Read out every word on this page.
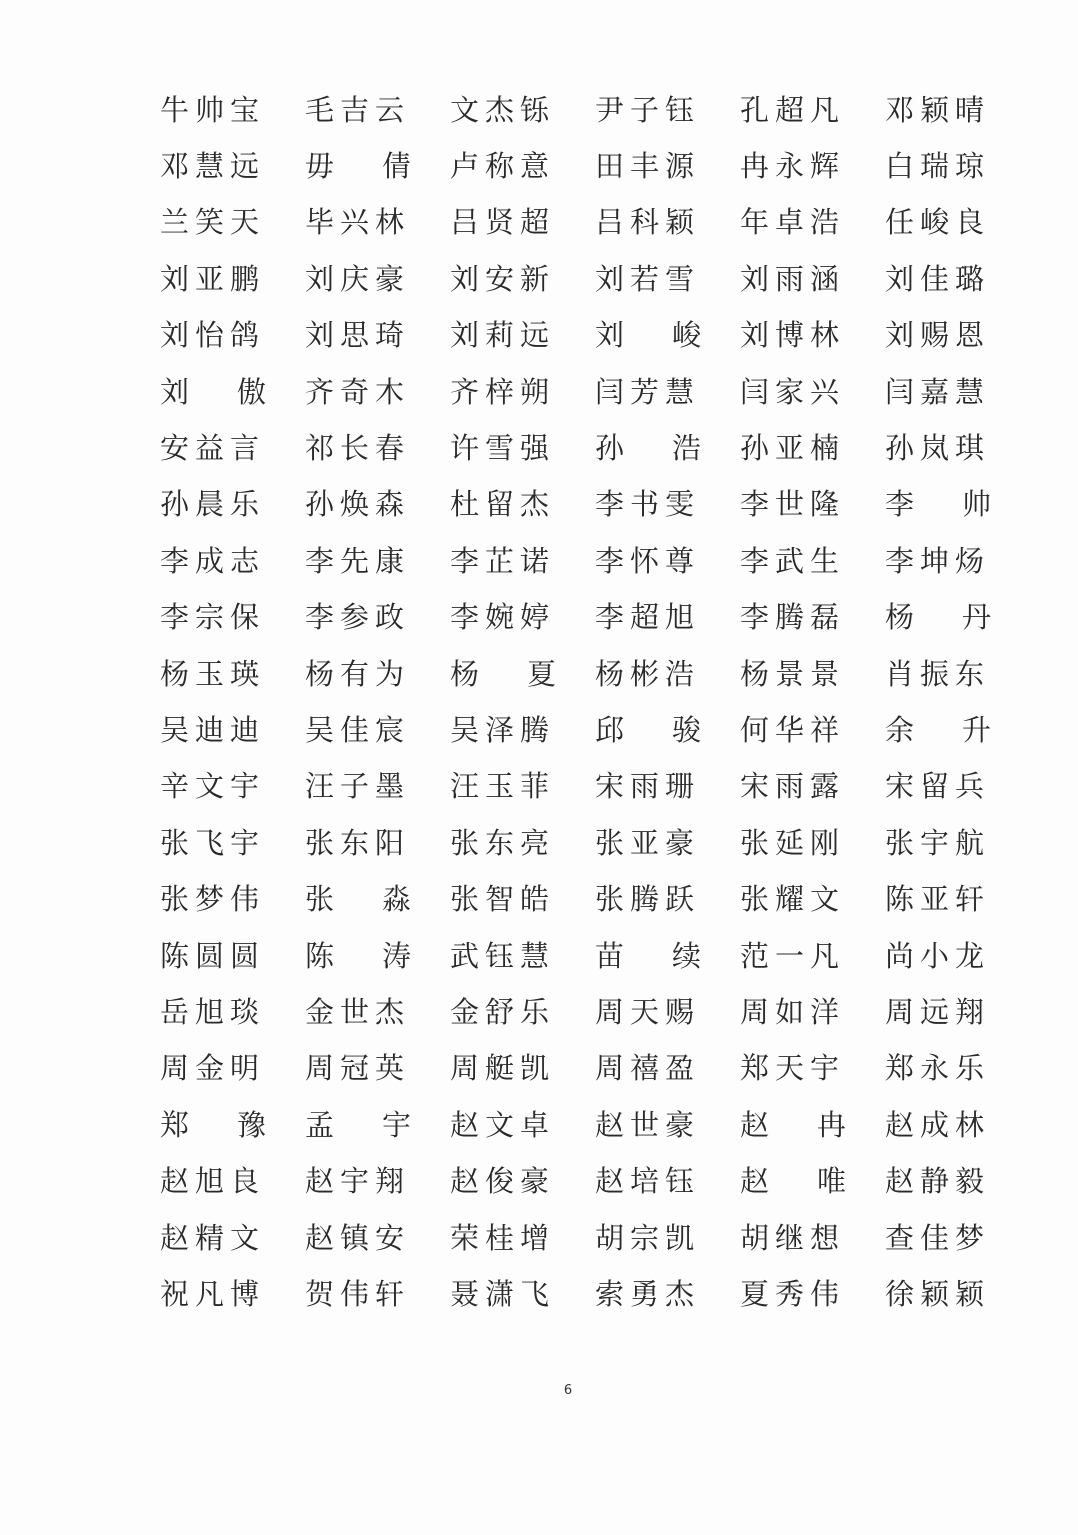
牛帅宝	毛吉云	文杰铄	尹子钰	孔超凡	邓颖晴
邓慧远	毋 倩	卢称意	田丰源	冉永辉	白瑞琼
兰笑天	毕兴林	吕贤超	吕科颖	年卓浩	任峻良
刘亚鹏	刘庆豪	刘安新	刘若雪	刘雨涵	刘佳璐
刘怡鸽	刘思琦	刘莉远	刘 峻	刘博林	刘赐恩
刘 傲	齐奇木	齐梓朔	闫芳慧	闫家兴	闫嘉慧
安益言	祁长春	许雪强	孙 浩	孙亚楠	孙岚琪
孙晨乐	孙焕森	杜留杰	李书雯	李世隆	李 帅
李成志	李先康	李芷诺	李怀尊	李武生	李坤炀
李宗保	李参政	李婉婷	李超旭	李腾磊	杨 丹
杨玉瑛	杨有为	杨 夏	杨彬浩	杨景景	肖振东
吴迪迪	吴佳宸	吴泽腾	邱 骏	何华祥	余 升
辛文宇	汪子墨	汪玉菲	宋雨珊	宋雨露	宋留兵
张飞宇	张东阳	张东亮	张亚豪	张延刚	张宇航
张梦伟	张 淼	张智皓	张腾跃	张耀文	陈亚轩
陈圆圆	陈 涛	武钰慧	苗 续	范一凡	尚小龙
岳旭琰	金世杰	金舒乐	周天赐	周如洋	周远翔
周金明	周冠英	周艇凯	周禧盈	郑天宇	郑永乐
郑 豫	孟 宇	赵文卓	赵世豪	赵 冉	赵成林
赵旭良	赵宇翔	赵俊豪	赵培钰	赵 唯	赵静毅
赵精文	赵镇安	荣桂增	胡宗凯	胡继想	查佳梦
祝凡博	贺伟轩	聂潇飞	索勇杰	夏秀伟	徐颖颖
6
